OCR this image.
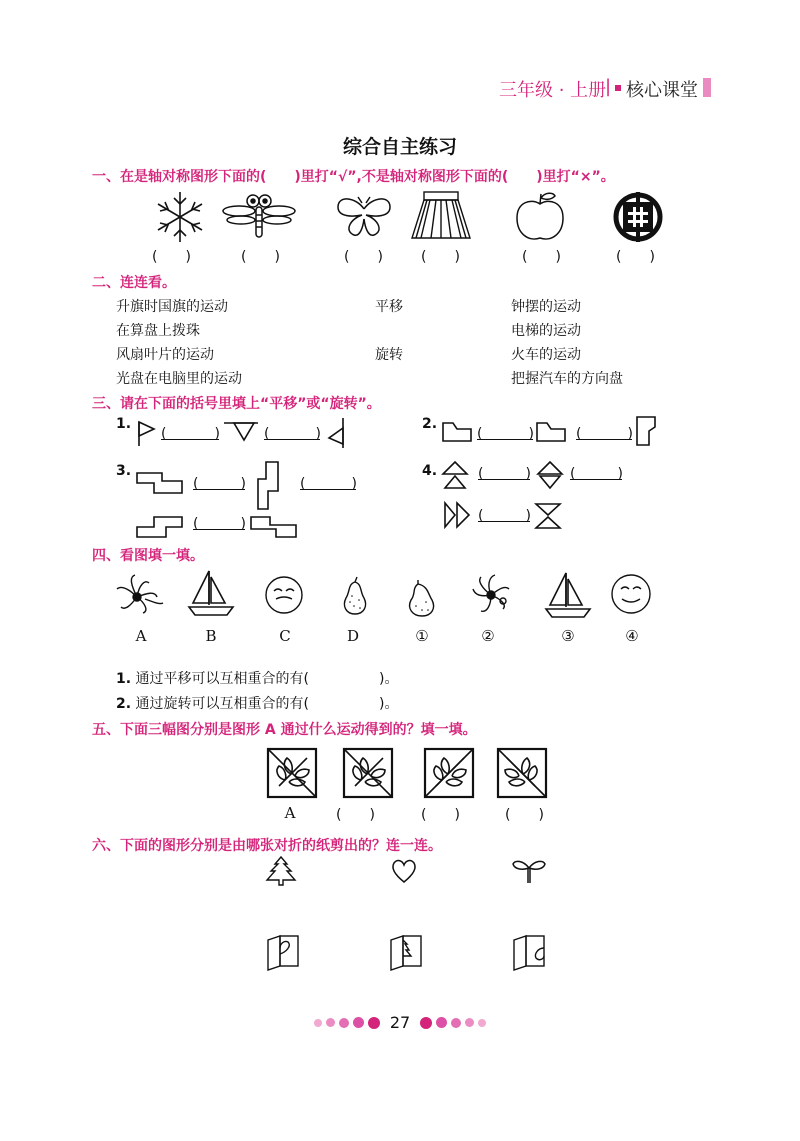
三年级 · 上册
| 核心课堂
综合自主练习
一、在是轴对称图形下面的(　　)里打“√”,不是轴对称图形下面的(　　)里打“×”。
(　　)	(　　)	(　　)	(　　)	(　　)	(　　)
二、连连看。
升旗时国旗的运动
在算盘上拨珠
风扇叶片的运动
光盘在电脑里的运动
平移
旋转
钟摆的运动
电梯的运动
火车的运动
把握汽车的方向盘
三、请在下面的括号里填上“平移”或“旋转”。
1.	2.
3.	4.
(	)	(	)	(	)	(	)
(	)	(	)
(	)
(	)	(	)
(	)
四、看图填一填。
A	B	C	D	①	②	③	④
1. 通过平移可以互相重合的有(	)。
2. 通过旋转可以互相重合的有(	)。
五、下面三幅图分别是图形 A 通过什么运动得到的？填一填。
A	(　　)	(　　)	(　　)
六、下面的图形分别是由哪张对折的纸剪出的？连一连。
27
